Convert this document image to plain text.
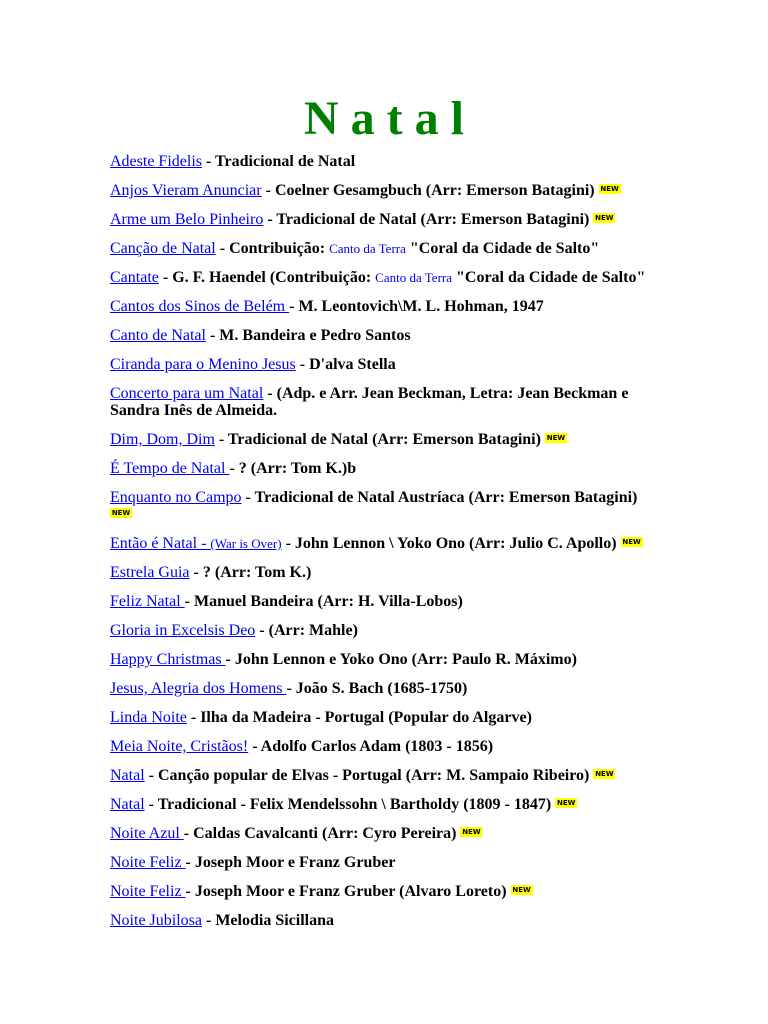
N a t a l

Adeste Fidelis - Tradicional de Natal

Anjos Vieram Anunciar - Coelner Gesamgbuch (Arr: Emerson Batagini) NEW

Arme um Belo Pinheiro - Tradicional de Natal (Arr: Emerson Batagini) NEW

Canção de Natal - Contribuição: Canto da Terra "Coral da Cidade de Salto"

Cantate - G. F. Haendel (Contribuição: Canto da Terra "Coral da Cidade de Salto"

Cantos dos Sinos de Belém - M. Leontovich\M. L. Hohman, 1947

Canto de Natal - M. Bandeira e Pedro Santos

Ciranda para o Menino Jesus - D'alva Stella

Concerto para um Natal - (Adp. e Arr. Jean Beckman, Letra: Jean Beckman e Sandra Inês de Almeida.

Dim, Dom, Dim - Tradicional de Natal (Arr: Emerson Batagini) NEW

É Tempo de Natal - ? (Arr: Tom K.)b

Enquanto no Campo - Tradicional de Natal Austríaca (Arr: Emerson Batagini) NEW

Então é Natal - (War is Over) - John Lennon \ Yoko Ono (Arr: Julio C. Apollo) NEW

Estrela Guia - ? (Arr: Tom K.)

Feliz Natal - Manuel Bandeira (Arr: H. Villa-Lobos)

Gloria in Excelsis Deo - (Arr: Mahle)

Happy Christmas - John Lennon e Yoko Ono (Arr: Paulo R. Máximo)

Jesus, Alegria dos Homens - João S. Bach (1685-1750)

Linda Noite - Ilha da Madeira - Portugal (Popular do Algarve)

Meia Noite, Cristãos! - Adolfo Carlos Adam (1803 - 1856)

Natal - Canção popular de Elvas - Portugal (Arr: M. Sampaio Ribeiro) NEW

Natal - Tradicional - Felix Mendelssohn \ Bartholdy (1809 - 1847) NEW

Noite Azul - Caldas Cavalcanti (Arr: Cyro Pereira) NEW

Noite Feliz - Joseph Moor e Franz Gruber

Noite Feliz - Joseph Moor e Franz Gruber (Alvaro Loreto) NEW

Noite Jubilosa - Melodia Sicillana
